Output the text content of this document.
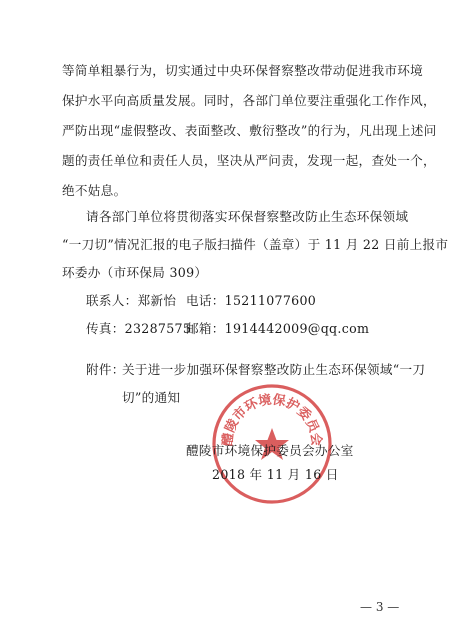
等简单粗暴行为，切实通过中央环保督察整改带动促进我市环境
保护水平向高质量发展。同时，各部门单位要注重强化工作作风，
严防出现“虚假整改、表面整改、敷衍整改”的行为，凡出现上述问
题的责任单位和责任人员，坚决从严问责，发现一起，查处一个，
绝不姑息。
请各部门单位将贯彻落实环保督察整改防止生态环保领域
“一刀切”情况汇报的电子版扫描件（盖章）于 11 月 22 日前上报市
环委办（市环保局 309）
联系人：郑新怡 电话：15211077600
传真：23287575
邮箱：1914442009@qq.com
附件：
关于进一步加强环保督察整改防止生态环保领域“一刀
切”的通知
醴陵市环境保护委员会
醴陵市环境保护委员会办公室
2018 年 11 月 16 日
— 3 —
